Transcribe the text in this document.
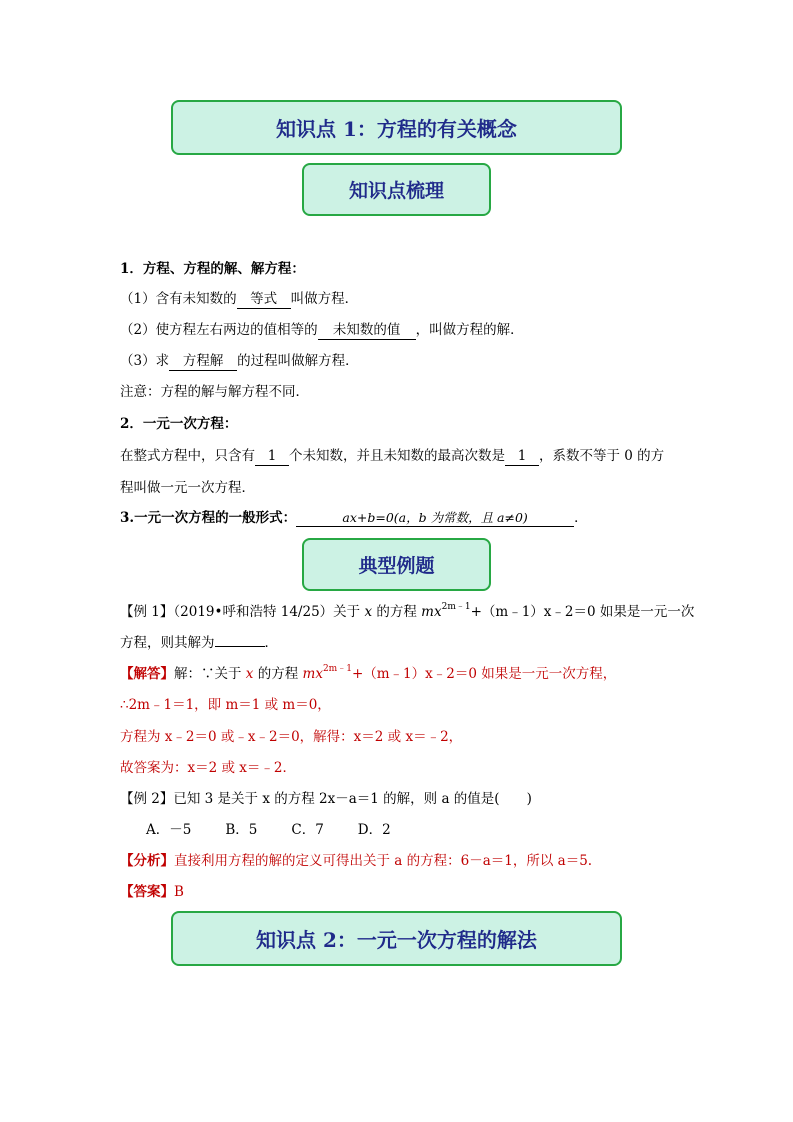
知识点 1：方程的有关概念
知识点梳理
1．方程、方程的解、解方程：
（1）含有未知数的 等式 叫做方程．
（2）使方程左右两边的值相等的 未知数的值 ，叫做方程的解．
（3）求 方程解 的过程叫做解方程．
注意：方程的解与解方程不同．
2．一元一次方程：
在整式方程中，只含有 1 个未知数，并且未知数的最高次数是 1 ，系数不等于 0 的方
程叫做一元一次方程．
3.一元一次方程的一般形式：	ax+b=0(a，b 为常数，且 a≠0)	．
典型例题
【例 1】（2019•呼和浩特 14/25）关于 x 的方程 $mx^{2m﹣1}+(m﹣1)x﹣2=0$ 如果是一元一次
方程，则其解为	．
【解答】解：∵关于 x 的方程 $mx^{2m﹣1}+(m﹣1)x﹣2=0$ 如果是一元一次方程，
∴2m﹣1＝1，即 m＝1 或 m＝0，
方程为 x﹣2＝0 或﹣x﹣2＝0，解得：x＝2 或 x＝﹣2，
故答案为：x＝2 或 x＝﹣2．
【例 2】已知 3 是关于 x 的方程 2x－a＝1 的解，则 a 的值是(　　)
A．－5	B．5	C．7	D．2
【分析】直接利用方程的解的定义可得出关于 a 的方程：6－a＝1，所以 a＝5.
【答案】B
知识点 2：一元一次方程的解法
